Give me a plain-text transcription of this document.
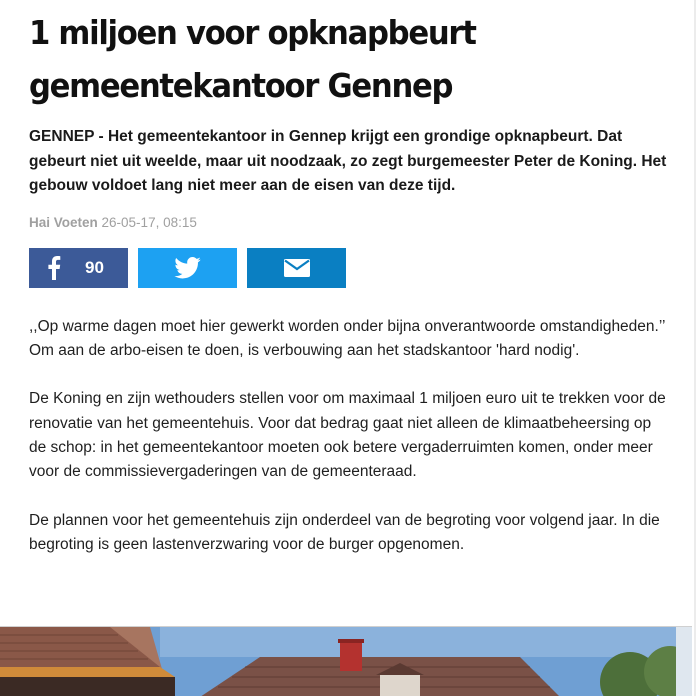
1 miljoen voor opknapbeurt
gemeentekantoor Gennep

GENNEP - Het gemeentekantoor in Gennep krijgt een grondige opknapbeurt. Dat gebeurt niet uit weelde, maar uit noodzaak, zo zegt burgemeester Peter de Koning. Het gebouw voldoet lang niet meer aan de eisen van deze tijd.

Hai Voeten 26-05-17, 08:15
90

,,Op warme dagen moet hier gewerkt worden onder bijna onverantwoorde omstandigheden.’’ Om aan de arbo-eisen te doen, is verbouwing aan het stadskantoor 'hard nodig'.

De Koning en zijn wethouders stellen voor om maximaal 1 miljoen euro uit te trekken voor de renovatie van het gemeentehuis. Voor dat bedrag gaat niet alleen de klimaatbeheersing op de schop: in het gemeentekantoor moeten ook betere vergaderruimten komen, onder meer voor de commissievergaderingen van de gemeenteraad.

De plannen voor het gemeentehuis zijn onderdeel van de begroting voor volgend jaar. In die begroting is geen lastenverzwaring voor de burger opgenomen.
